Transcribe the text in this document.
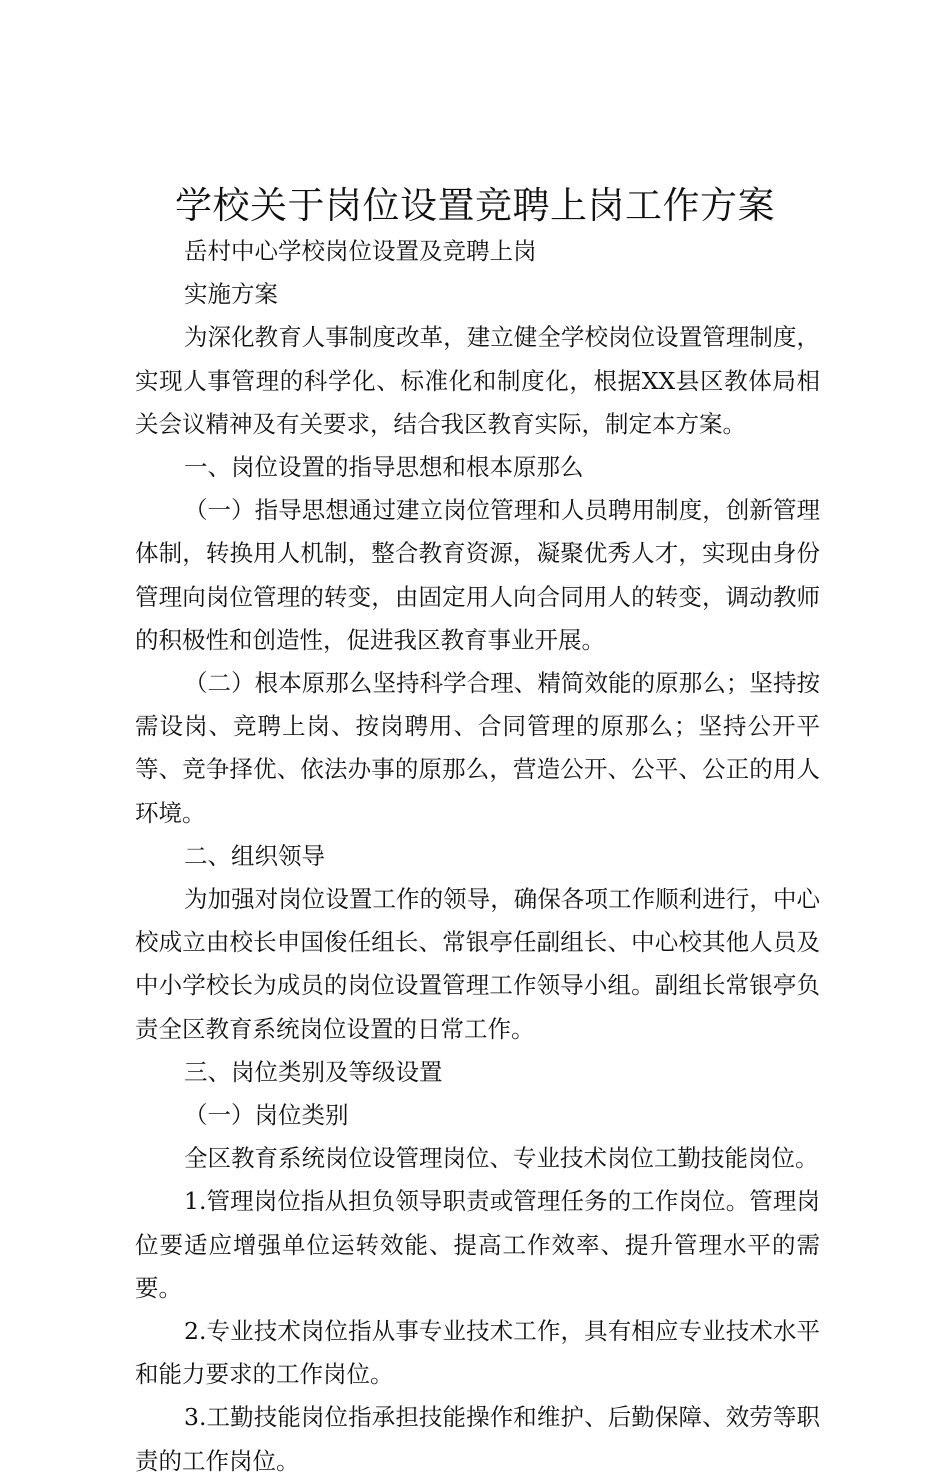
学校关于岗位设置竞聘上岗工作方案

岳村中心学校岗位设置及竞聘上岗

实施方案

为深化教育人事制度改革，建立健全学校岗位设置管理制度，实现人事管理的科学化、标准化和制度化，根据XX县区教体局相关会议精神及有关要求，结合我区教育实际，制定本方案。

一、岗位设置的指导思想和根本原那么

（一）指导思想通过建立岗位管理和人员聘用制度，创新管理体制，转换用人机制，整合教育资源，凝聚优秀人才，实现由身份管理向岗位管理的转变，由固定用人向合同用人的转变，调动教师的积极性和创造性，促进我区教育事业开展。

（二）根本原那么坚持科学合理、精简效能的原那么；坚持按需设岗、竞聘上岗、按岗聘用、合同管理的原那么；坚持公开平等、竞争择优、依法办事的原那么，营造公开、公平、公正的用人环境。

二、组织领导

为加强对岗位设置工作的领导，确保各项工作顺利进行，中心校成立由校长申国俊任组长、常银亭任副组长、中心校其他人员及中小学校长为成员的岗位设置管理工作领导小组。副组长常银亭负责全区教育系统岗位设置的日常工作。

三、岗位类别及等级设置

（一）岗位类别

全区教育系统岗位设管理岗位、专业技术岗位工勤技能岗位。

1.管理岗位指从担负领导职责或管理任务的工作岗位。管理岗位要适应增强单位运转效能、提高工作效率、提升管理水平的需要。

2.专业技术岗位指从事专业技术工作，具有相应专业技术水平和能力要求的工作岗位。

3.工勤技能岗位指承担技能操作和维护、后勤保障、效劳等职责的工作岗位。
